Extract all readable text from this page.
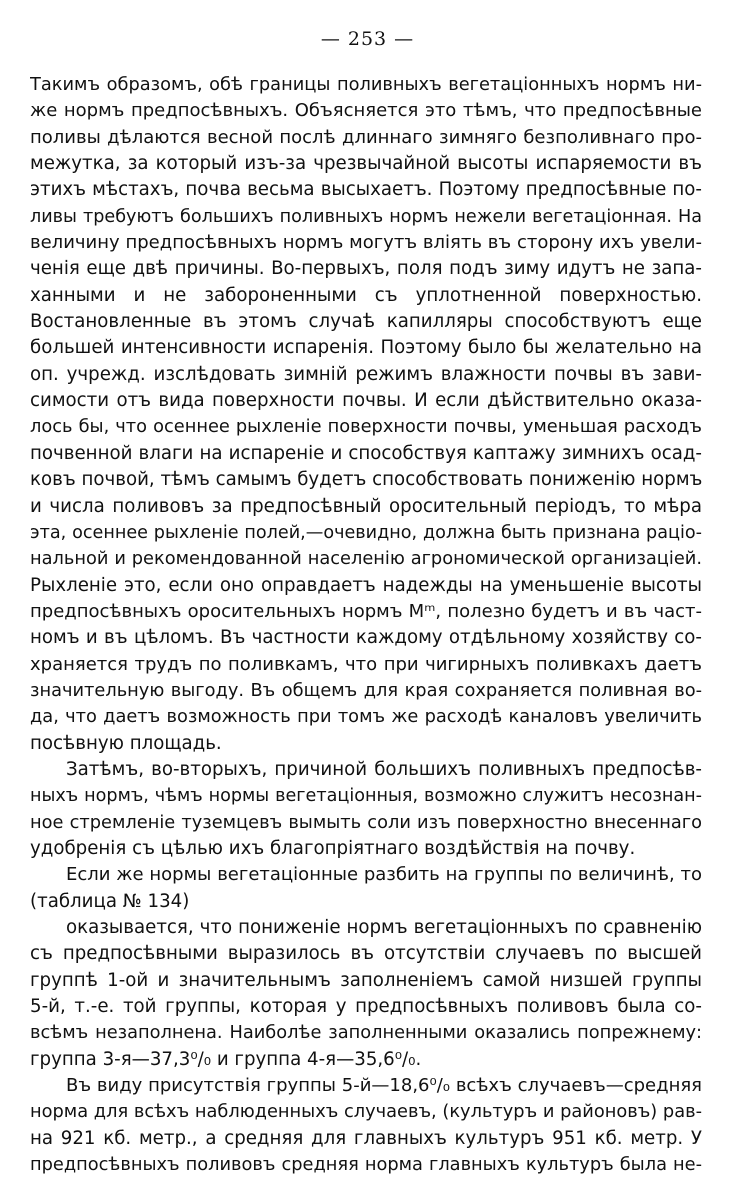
— 253 —
Такимъ образомъ, обѣ границы поливныхъ вегетаціонныхъ нормъ ни-
же нормъ предпосѣвныхъ. Объясняется это тѣмъ, что предпосѣвные
поливы дѣлаются весной послѣ длиннаго зимняго безполивнаго про-
межутка, за который изъ-за чрезвычайной высоты испаряемости въ
этихъ мѣстахъ, почва весьма высыхаетъ. Поэтому предпосѣвные по-
ливы требуютъ большихъ поливныхъ нормъ нежели вегетаціонная. На
величину предпосѣвныхъ нормъ могутъ вліять въ сторону ихъ увели-
ченія еще двѣ причины. Во-первыхъ, поля подъ зиму идутъ не запа-
ханными и не забороненными съ уплотненной поверхностью.
Востановленные въ этомъ случаѣ капилляры способствуютъ еще
большей интенсивности испаренія. Поэтому было бы желательно на
оп. учрежд. изслѣдовать зимній режимъ влажности почвы въ зави-
симости отъ вида поверхности почвы. И если дѣйствительно оказа-
лось бы, что осеннее рыхленіе поверхности почвы, уменьшая расходъ
почвенной влаги на испареніе и способствуя каптажу зимнихъ осад-
ковъ почвой, тѣмъ самымъ будетъ способствовать пониженію нормъ
и числа поливовъ за предпосѣвный оросительный періодъ, то мѣра
эта, осеннее рыхленіе полей,—очевидно, должна быть признана раціо-
нальной и рекомендованной населенію агрономической организаціей.
Рыхленіе это, если оно оправдаетъ надежды на уменьшеніе высоты
предпосѣвныхъ оросительныхъ нормъ Мᵐ, полезно будетъ и въ част-
номъ и въ цѣломъ. Въ частности каждому отдѣльному хозяйству со-
храняется трудъ по поливкамъ, что при чигирныхъ поливкахъ даетъ
значительную выгоду. Въ общемъ для края сохраняется поливная во-
да, что даетъ возможность при томъ же расходѣ каналовъ увеличить
посѣвную площадь.
Затѣмъ, во-вторыхъ, причиной большихъ поливныхъ предпосѣв-
ныхъ нормъ, чѣмъ нормы вегетаціонныя, возможно служитъ несознан-
ное стремленіе туземцевъ вымыть соли изъ поверхностно внесеннаго
удобренія съ цѣлью ихъ благопріятнаго воздѣйствія на почву.
Если же нормы вегетаціонные разбить на группы по величинѣ, то
(таблица № 134)
оказывается, что пониженіе нормъ вегетаціонныхъ по сравненію
съ предпосѣвными выразилось въ отсутствіи случаевъ по высшей
группѣ 1-ой и значительнымъ заполненіемъ самой низшей группы
5-й, т.-е. той группы, которая у предпосѣвныхъ поливовъ была со-
всѣмъ незаполнена. Наиболѣе заполненными оказались попрежнему:
группа 3-я—37,3⁰/₀ и группа 4-я—35,6⁰/₀.
Въ виду присутствія группы 5-й—18,6⁰/₀ всѣхъ случаевъ—средняя
норма для всѣхъ наблюденныхъ случаевъ, (культуръ и районовъ) рав-
на 921 кб. метр., а средняя для главныхъ культуръ 951 кб. метр. У
предпосѣвныхъ поливовъ средняя норма главныхъ культуръ была не-
